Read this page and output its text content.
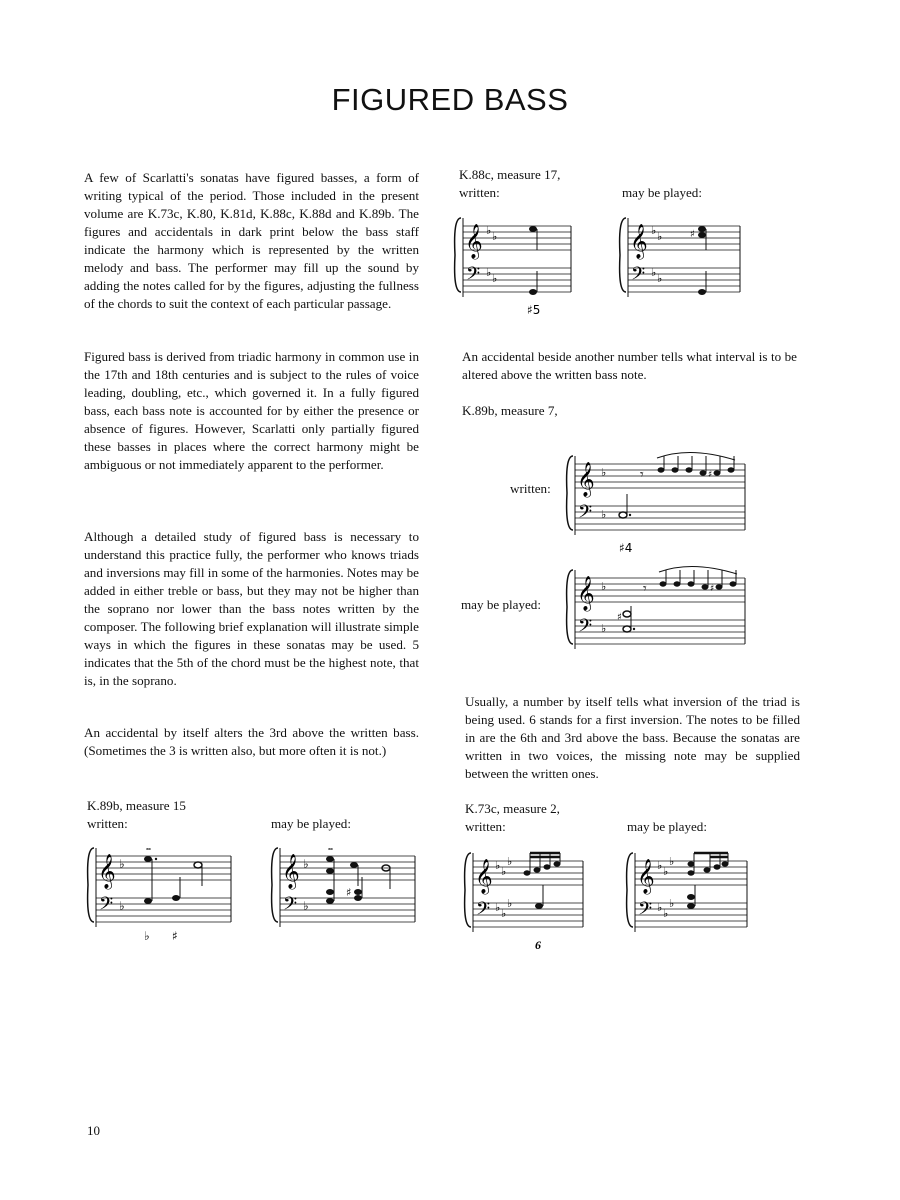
FIGURED BASS

A few of Scarlatti's sonatas have figured basses, a form of writing typical of the period. Those included in the present volume are K.73c, K.80, K.81d, K.88c, K.88d and K.89b. The figures and accidentals in dark print below the bass staff indicate the harmony which is represented by the written melody and bass. The performer may fill up the sound by adding the notes called for by the figures, adjusting the fullness of the chords to suit the context of each particular passage.

Figured bass is derived from triadic harmony in common use in the 17th and 18th centuries and is subject to the rules of voice leading, doubling, etc., which governed it. In a fully figured bass, each bass note is accounted for by either the presence or absence of figures. However, Scarlatti only partially figured these basses in places where the correct harmony might be ambiguous or not immediately apparent to the performer.

Although a detailed study of figured bass is necessary to understand this practice fully, the performer who knows triads and inversions may fill in some of the harmonies. Notes may be added in either treble or bass, but they may not be higher than the soprano nor lower than the bass notes written by the composer. The following brief explanation will illustrate simple ways in which the figures in these sonatas may be used. 5 indicates that the 5th of the chord must be the highest note, that is, in the soprano.

An accidental by itself alters the 3rd above the written bass. (Sometimes the 3 is written also, but more often it is not.)

K.89b, measure 15
written:	may be played:
𝄞
𝄢
♭
♭
𝆗
♭ ♯
𝄞
𝄢
♭
♭
𝆗
♯
K.88c, measure 17,
written:	may be played:
𝄞
𝄢
♭ ♭
♭ ♭
♯5
𝄞
𝄢
♭ ♭
♭ ♭
♯

An accidental beside another number tells what interval is to be altered above the written bass note.

K.89b, measure 7,
written:
may be played:
𝄞
𝄢
♭
♭
𝄾	♯
♯4
𝄞
𝄢
♭
♭
𝄾	♯
♯

Usually, a number by itself tells what inversion of the triad is being used. 6 stands for a first inversion. The notes to be filled in are the 6th and 3rd above the bass. Because the sonatas are written in two voices, the missing note may be supplied between the written ones.

K.73c, measure 2,
written:	may be played:
𝄞
𝄢
♭ ♭
♭
♭ ♭
♭
6
𝄞
𝄢
♭ ♭
♭
♭ ♭
♭
10
